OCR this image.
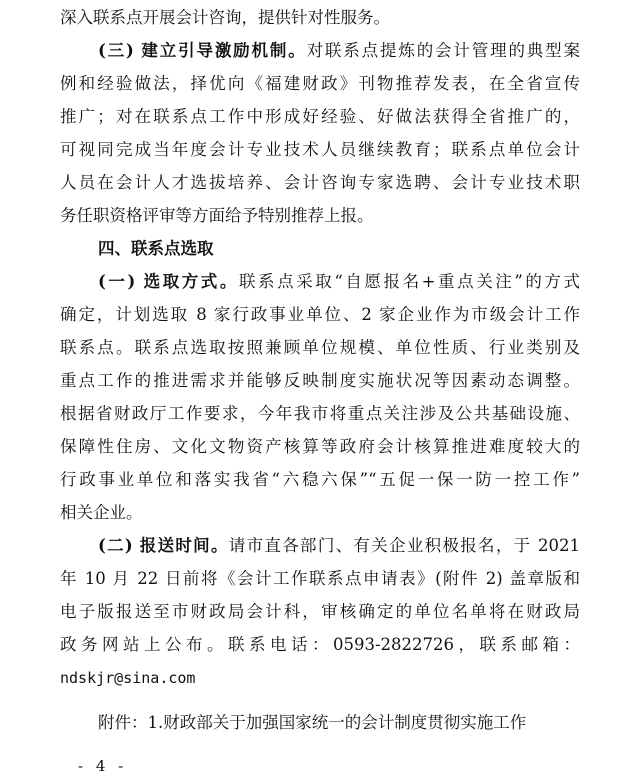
深入联系点开展会计咨询，提供针对性服务。
(三) 建立引导激励机制。对联系点提炼的会计管理的典型案
例和经验做法，择优向《福建财政》刊物推荐发表，在全省宣传
推广；对在联系点工作中形成好经验、好做法获得全省推广的，
可视同完成当年度会计专业技术人员继续教育；联系点单位会计
人员在会计人才选拔培养、会计咨询专家选聘、会计专业技术职
务任职资格评审等方面给予特别推荐上报。
四、联系点选取
(一) 选取方式。联系点采取“自愿报名+重点关注”的方式
确定，计划选取 8 家行政事业单位、2 家企业作为市级会计工作
联系点。联系点选取按照兼顾单位规模、单位性质、行业类别及
重点工作的推进需求并能够反映制度实施状况等因素动态调整。
根据省财政厅工作要求，今年我市将重点关注涉及公共基础设施、
保障性住房、文化文物资产核算等政府会计核算推进难度较大的
行政事业单位和落实我省“六稳六保”“五促一保一防一控工作”
相关企业。
(二) 报送时间。请市直各部门、有关企业积极报名，于 2021
年 10 月 22 日前将《会计工作联系点申请表》(附件 2) 盖章版和
电子版报送至市财政局会计科，审核确定的单位名单将在财政局
政务网站上公布。联系电话：0593-2822726，联系邮箱：
ndskjr@sina.com
附件：1.财政部关于加强国家统一的会计制度贯彻实施工作
- 4 -
